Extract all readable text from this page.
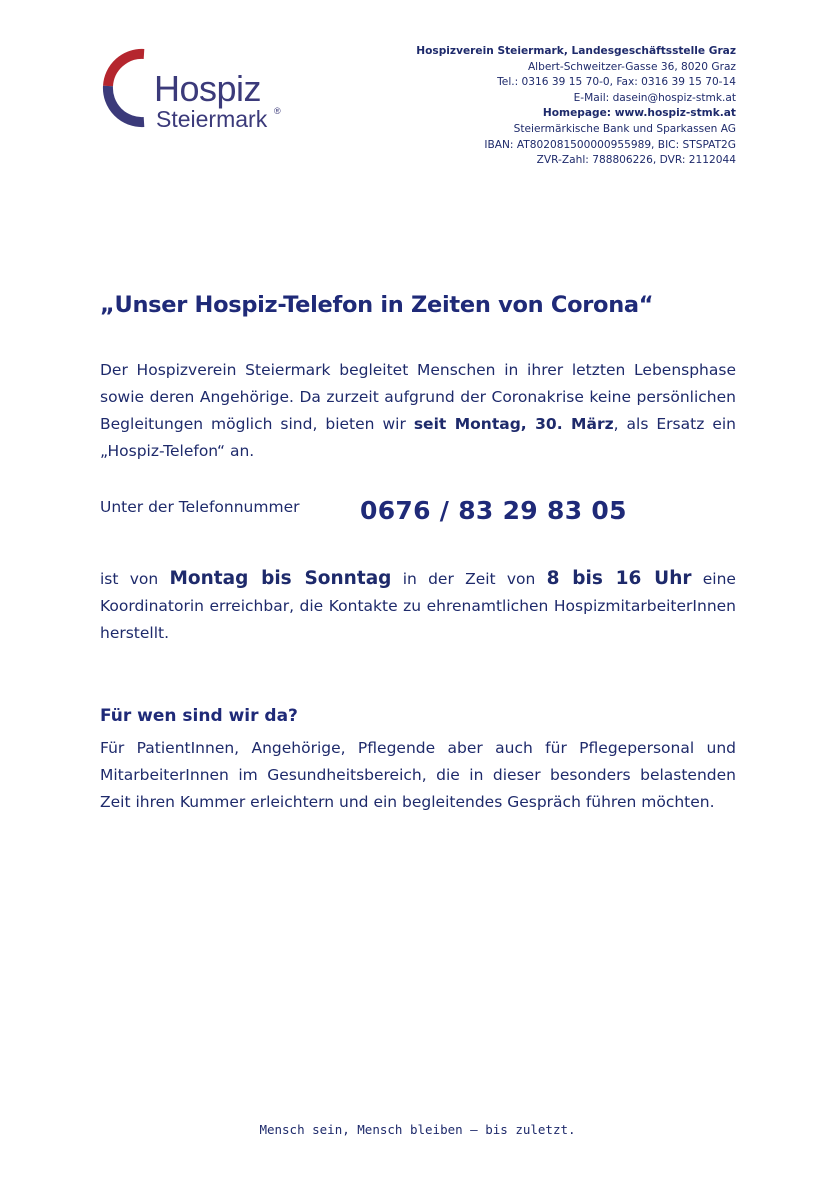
Hospiz
Steiermark ®
Hospizverein Steiermark, Landesgeschäftsstelle Graz
Albert-Schweitzer-Gasse 36, 8020 Graz
Tel.: 0316 39 15 70-0, Fax: 0316 39 15 70-14
E-Mail: dasein@hospiz-stmk.at
Homepage: www.hospiz-stmk.at
Steiermärkische Bank und Sparkassen AG
IBAN: AT802081500000955989, BIC: STSPAT2G
ZVR-Zahl: 788806226, DVR: 2112044
„Unser Hospiz-Telefon in Zeiten von Corona“
Der Hospizverein Steiermark begleitet Menschen in ihrer letzten Lebensphase sowie deren Angehörige. Da zurzeit aufgrund der Coronakrise keine persönlichen Begleitungen möglich sind, bieten wir seit Montag, 30. März, als Ersatz ein „Hospiz-Telefon“ an.
Unter der Telefonnummer 0676 / 83 29 83 05
ist von Montag bis Sonntag in der Zeit von 8 bis 16 Uhr eine Koordinatorin erreichbar, die Kontakte zu ehrenamtlichen HospizmitarbeiterInnen herstellt.
Für wen sind wir da?
Für PatientInnen, Angehörige, Pflegende aber auch für Pflegepersonal und MitarbeiterInnen im Gesundheitsbereich, die in dieser besonders belastenden Zeit ihren Kummer erleichtern und ein begleitendes Gespräch führen möchten.
Mensch sein, Mensch bleiben – bis zuletzt.
